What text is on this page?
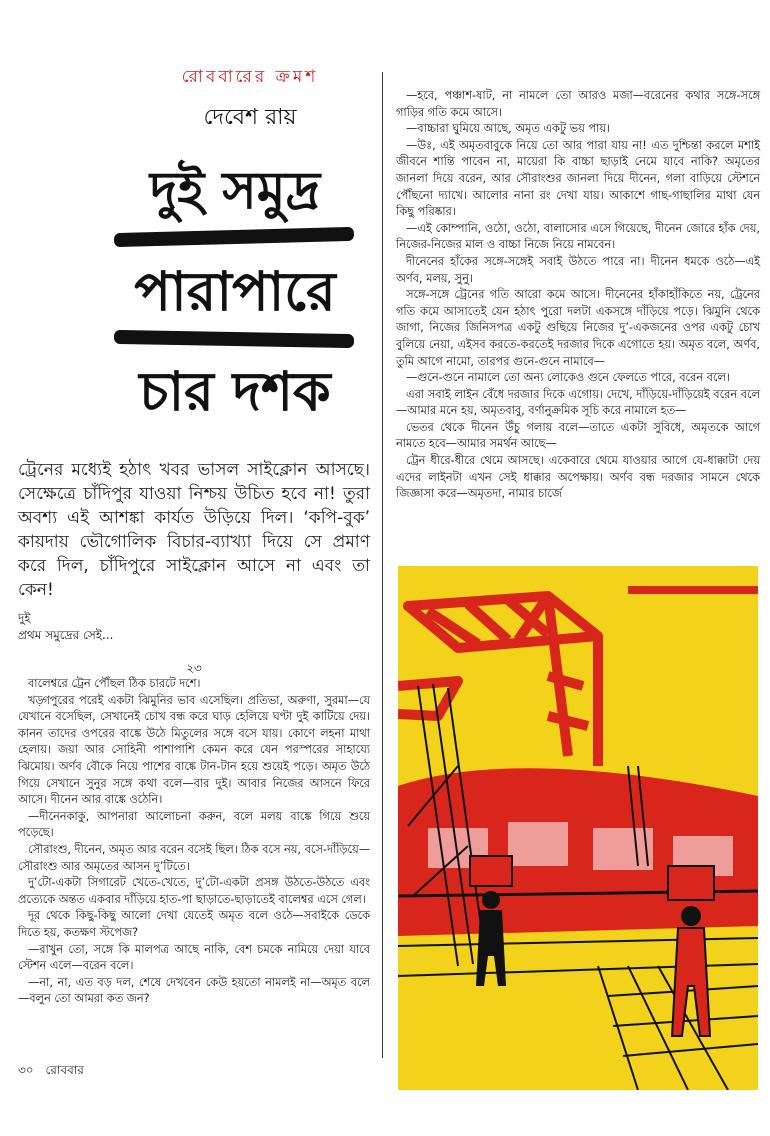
রোববারের ক্রমশ
দেবেশ রায়
দুই সমুদ্র
পারাপারে
চার দশক
ট্রেনের মধ্যেই হঠাৎ খবর ভাসল সাইক্লোন আসছে। সেক্ষেত্রে চাঁদিপুর যাওয়া নিশ্চয় উচিত হবে না! তুরা অবশ্য এই আশঙ্কা কার্যত উড়িয়ে দিল। ‘কপি-বুক’ কায়দায় ভৌগোলিক বিচার-ব্যাখ্যা দিয়ে সে প্রমাণ করে দিল, চাঁদিপুরে সাইক্লোন আসে না এবং তা কেন!
দুই
প্রথম সমুদ্রের সেই...
২৩

বালেশ্বরে ট্রেন পৌঁছল ঠিক চারটে দশে।

খড়্গপুরের পরেই একটা ঝিমুনির ভাব এসেছিল। প্রতিভা, অরুণা, সুরমা—যে যেখানে বসেছিল, সেখানেই চোখ বন্ধ করে ঘাড় হেলিয়ে ঘণ্টা দুই কাটিয়ে দেয়। কানন তাদের ওপরের বাঙ্কে উঠে মিতুলের সঙ্গে বসে যায়। কোণে লহনা মাথা হেলায়। জয়া আর সোহিনী পাশাপাশি কেমন করে যেন পরস্পরের সাহায্যে ঝিমোয়। অর্ণব বৌকে নিয়ে পাশের বাঙ্কে টান-টান হয়ে শুয়েই পড়ে। অমৃত উঠে গিয়ে সেখানে সুনুর সঙ্গে কথা বলে—বার দুই। আবার নিজের আসনে ফিরে আসে। দীনেন আর বাঙ্কে ওঠেনি।

—দীনেনকাকু, আপনারা আলোচনা করুন, বলে মলয় বাঙ্কে গিয়ে শুয়ে পড়েছে।

সৌরাংশু, দীনেন, অমৃত আর বরেন বসেই ছিল। ঠিক বসে নয়, বসে-দাঁড়িয়ে—সৌরাংশু আর অমৃতের আসন দু’টিতে।

দু’টো-একটা সিগারেট খেতে-খেতে, দু’টো-একটা প্রসঙ্গ উঠতে-উঠতে এবং প্রত্যেকে অন্তত একবার দাঁড়িয়ে হাত-পা ছাড়াতে-ছাড়াতেই বালেশ্বর এসে গেল।

দূর থেকে কিছু-কিছু আলো দেখা যেতেই অমৃত বলে ওঠে—সবাইকে ডেকে দিতে হয়, কতক্ষণ স্টপেজ?

—রাখুন তো, সঙ্গে কি মালপত্র আছে নাকি, বেশ চমকে নামিয়ে দেয়া যাবে স্টেশন এলে—বরেন বলে।

—না, না, এত বড় দল, শেষে দেখবেন কেউ হয়তো নামলই না—অমৃত বলে—বলুন তো আমরা কত জন?

—হবে, পঞ্চাশ-ষাট, না নামলে তো আরও মজা—বরেনের কথার সঙ্গে-সঙ্গে গাড়ির গতি কমে আসে।

—বাচ্চারা ঘুমিয়ে আছে, অমৃত একটু ভয় পায়।

—উঃ, এই অমৃতবাবুকে নিয়ে তো আর পারা যায় না! এত দুশ্চিন্তা করলে মশাই জীবনে শান্তি পাবেন না, মায়েরা কি বাচ্চা ছাড়াই নেমে যাবে নাকি? অমৃতের জানলা দিয়ে বরেন, আর সৌরাংশুর জানলা দিয়ে দীনেন, গলা বাড়িয়ে স্টেশনে পৌঁছনো দ্যাখে। আলোর নানা রং দেখা যায়। আকাশে গাছ-গাছালির মাথা যেন কিছু পরিষ্কার।

—এই কোম্পানি, ওঠো, ওঠো, বালাসোর এসে গিয়েছে, দীনেন জোরে হাঁক দেয়, নিজের-নিজের মাল ও বাচ্চা নিজে নিয়ে নামবেন।

দীনেনের হাঁকের সঙ্গে-সঙ্গেই সবাই উঠতে পারে না। দীনেন ধমকে ওঠে—এই অর্ণব, মলয়, সুনু।

সঙ্গে-সঙ্গে ট্রেনের গতি আরো কমে আসে। দীনেনের হাঁকাহাঁকিতে নয়, ট্রেনের গতি কমে আসাতেই যেন হঠাৎ পুরো দলটা একসঙ্গে দাঁড়িয়ে পড়ে। ঝিমুনি থেকে জাগা, নিজের জিনিসপত্র একটু গুছিয়ে নিজের দু’-একজনের ওপর একটু চোখ বুলিয়ে নেয়া, এইসব করতে-করতেই দরজার দিকে এগোতে হয়। অমৃত বলে, অর্ণব, তুমি আগে নামো, তারপর গুনে-গুনে নামাবে—

—গুনে-গুনে নামালে তো অন্য লোকেও গুনে ফেলতে পারে, বরেন বলে।

এরা সবাই লাইন বেঁধে দরজার দিকে এগোয়। দেখে, দাঁড়িয়ে-দাঁড়িয়েই বরেন বলে—আমার মনে হয়, অমৃতবাবু, বর্ণানুক্রমিক সূচি করে নামালে হত—

ভেতর থেকে দীনেন উঁচু গলায় বলে—তাতে একটা সুবিধে, অমৃতকে আগে নামতে হবে—আমার সমর্থন আছে—

ট্রেন ধীরে-ধীরে থেমে আসছে। একেবারে থেমে যাওয়ার আগে যে-ধাক্কাটা দেয় এদের লাইনটা এখন সেই ধাক্কার অপেক্ষায়। অর্ণব বন্ধ দরজার সামনে থেকে জিজ্ঞাসা করে—অমৃতদা, নামার চার্জে

৩০ রোববার
